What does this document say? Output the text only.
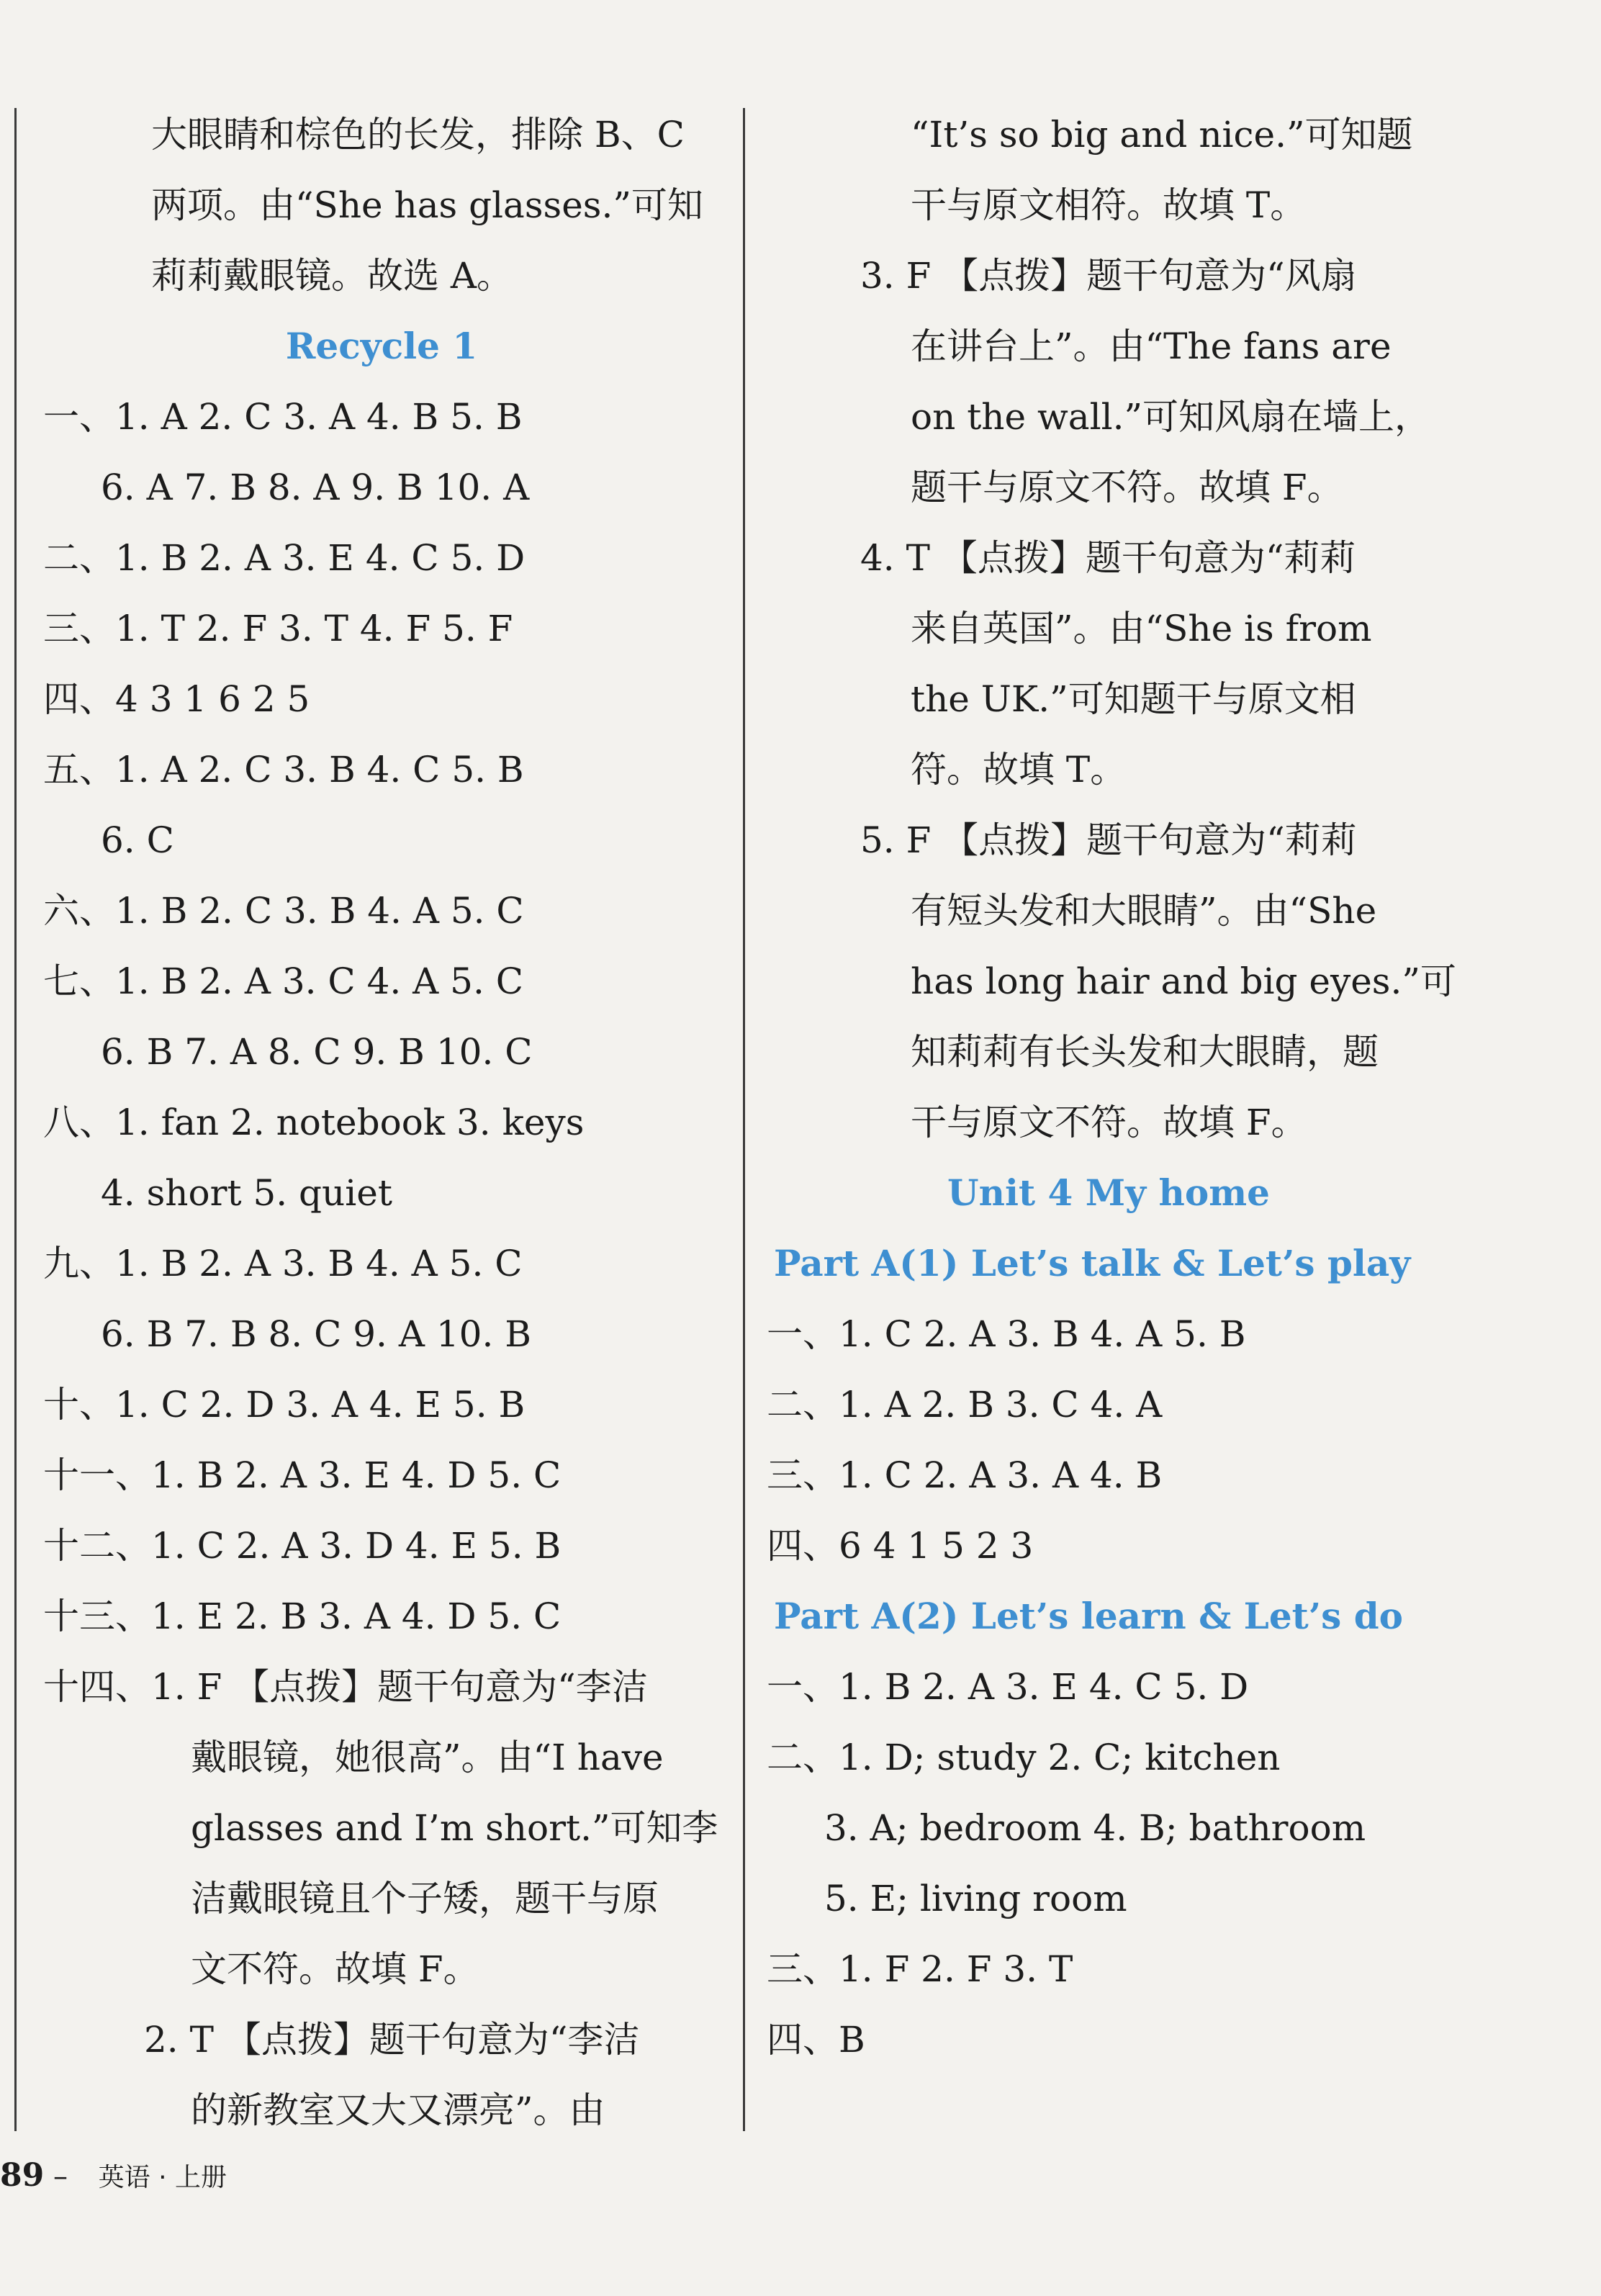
大眼睛和棕色的长发，排除 B、C
两项。由“She has glasses.”可知
莉莉戴眼镜。故选 A。
Recycle 1
一、1. A 2. C 3. A 4. B 5. B
6. A 7. B 8. A 9. B 10. A
二、1. B 2. A 3. E 4. C 5. D
三、1. T 2. F 3. T 4. F 5. F
四、4 3 1 6 2 5
五、1. A 2. C 3. B 4. C 5. B
6. C
六、1. B 2. C 3. B 4. A 5. C
七、1. B 2. A 3. C 4. A 5. C
6. B 7. A 8. C 9. B 10. C
八、1. fan 2. notebook 3. keys
4. short 5. quiet
九、1. B 2. A 3. B 4. A 5. C
6. B 7. B 8. C 9. A 10. B
十、1. C 2. D 3. A 4. E 5. B
十一、1. B 2. A 3. E 4. D 5. C
十二、1. C 2. A 3. D 4. E 5. B
十三、1. E 2. B 3. A 4. D 5. C
十四、1. F 【点拨】题干句意为“李洁
戴眼镜，她很高”。由“I have
glasses and I’m short.”可知李
洁戴眼镜且个子矮，题干与原
文不符。故填 F。
2. T 【点拨】题干句意为“李洁
的新教室又大又漂亮”。由
“It’s so big and nice.”可知题
干与原文相符。故填 T。
3. F 【点拨】题干句意为“风扇
在讲台上”。由“The fans are
on the wall.”可知风扇在墙上，
题干与原文不符。故填 F。
4. T 【点拨】题干句意为“莉莉
来自英国”。由“She is from
the UK.”可知题干与原文相
符。故填 T。
5. F 【点拨】题干句意为“莉莉
有短头发和大眼睛”。由“She
has long hair and big eyes.”可
知莉莉有长头发和大眼睛，题
干与原文不符。故填 F。
Unit 4 My home
Part A(1) Let’s talk & Let’s play
一、1. C 2. A 3. B 4. A 5. B
二、1. A 2. B 3. C 4. A
三、1. C 2. A 3. A 4. B
四、6 4 1 5 2 3
Part A(2) Let’s learn & Let’s do
一、1. B 2. A 3. E 4. C 5. D
二、1. D; study 2. C; kitchen
3. A; bedroom 4. B; bathroom
5. E; living room
三、1. F 2. F 3. T
四、B
89 – 英语 · 上册
